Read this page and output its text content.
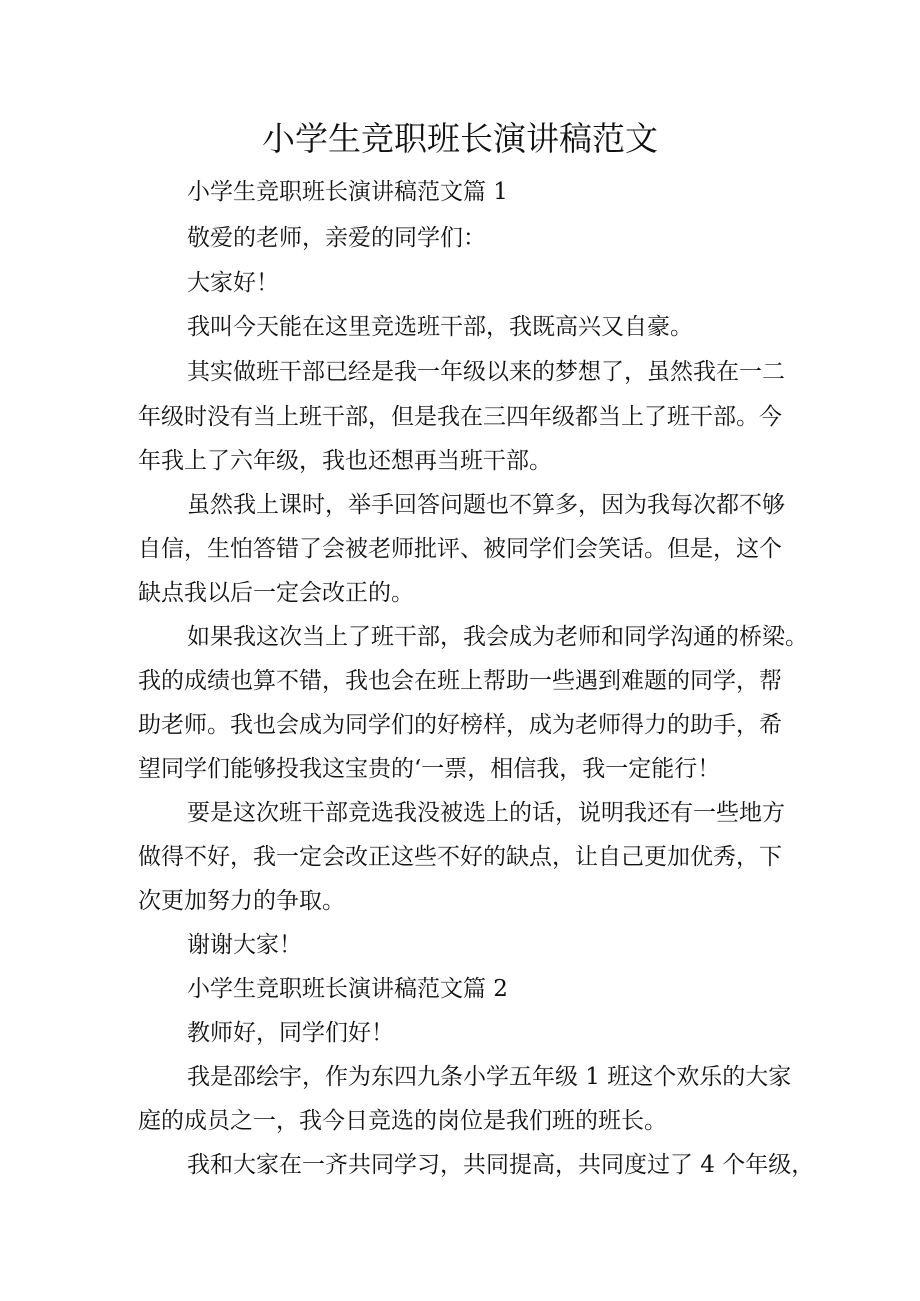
小学生竞职班长演讲稿范文

小学生竞职班长演讲稿范文篇 1

敬爱的老师，亲爱的同学们：

大家好！

我叫今天能在这里竞选班干部，我既高兴又自豪。

其实做班干部已经是我一年级以来的梦想了，虽然我在一二

年级时没有当上班干部，但是我在三四年级都当上了班干部。今

年我上了六年级，我也还想再当班干部。

虽然我上课时，举手回答问题也不算多，因为我每次都不够

自信，生怕答错了会被老师批评、被同学们会笑话。但是，这个

缺点我以后一定会改正的。

如果我这次当上了班干部，我会成为老师和同学沟通的桥梁。

我的成绩也算不错，我也会在班上帮助一些遇到难题的同学，帮

助老师。我也会成为同学们的好榜样，成为老师得力的助手，希

望同学们能够投我这宝贵的‘一票，相信我，我一定能行！

要是这次班干部竞选我没被选上的话，说明我还有一些地方

做得不好，我一定会改正这些不好的缺点，让自己更加优秀，下

次更加努力的争取。

谢谢大家！

小学生竞职班长演讲稿范文篇 2

教师好，同学们好！

我是邵绘宇，作为东四九条小学五年级 1 班这个欢乐的大家

庭的成员之一，我今日竞选的岗位是我们班的班长。

我和大家在一齐共同学习，共同提高，共同度过了 4 个年级，
